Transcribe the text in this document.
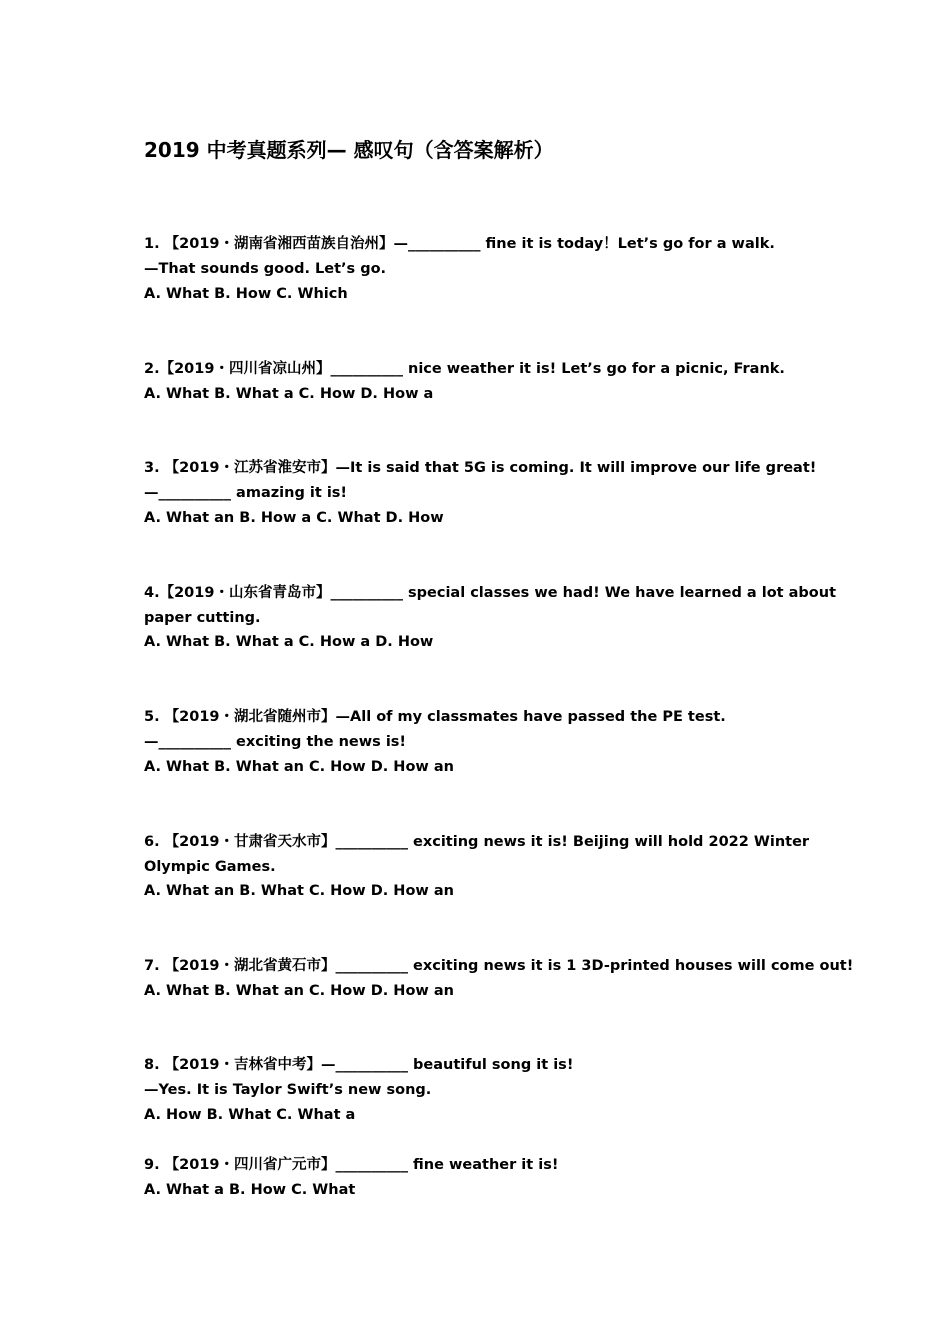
2019 中考真题系列— 感叹句（含答案解析）
1. 【2019・湖南省湘西苗族自治州】—__________ fine it is today！Let’s go for a walk.
—That sounds good. Let’s go.
A. What B. How C. Which
2.【2019・四川省凉山州】__________ nice weather it is! Let’s go for a picnic, Frank.
A. What B. What a C. How D. How a
3. 【2019・江苏省淮安市】—It is said that 5G is coming. It will improve our life great!
—__________ amazing it is!
A. What an B. How a C. What D. How
4.【2019・山东省青岛市】__________ special classes we had! We have learned a lot about
paper cutting.
A. What B. What a C. How a D. How
5. 【2019・湖北省随州市】—All of my classmates have passed the PE test.
—__________ exciting the news is!
A. What B. What an C. How D. How an
6. 【2019・甘肃省天水市】__________ exciting news it is! Beijing will hold 2022 Winter
Olympic Games.
A. What an B. What C. How D. How an
7. 【2019・湖北省黄石市】__________ exciting news it is 1 3D-printed houses will come out!
A. What B. What an C. How D. How an
8. 【2019・吉林省中考】—__________ beautiful song it is!
—Yes. It is Taylor Swift’s new song.
A. How B. What C. What a
9. 【2019・四川省广元市】__________ fine weather it is!
A. What a B. How C. What
